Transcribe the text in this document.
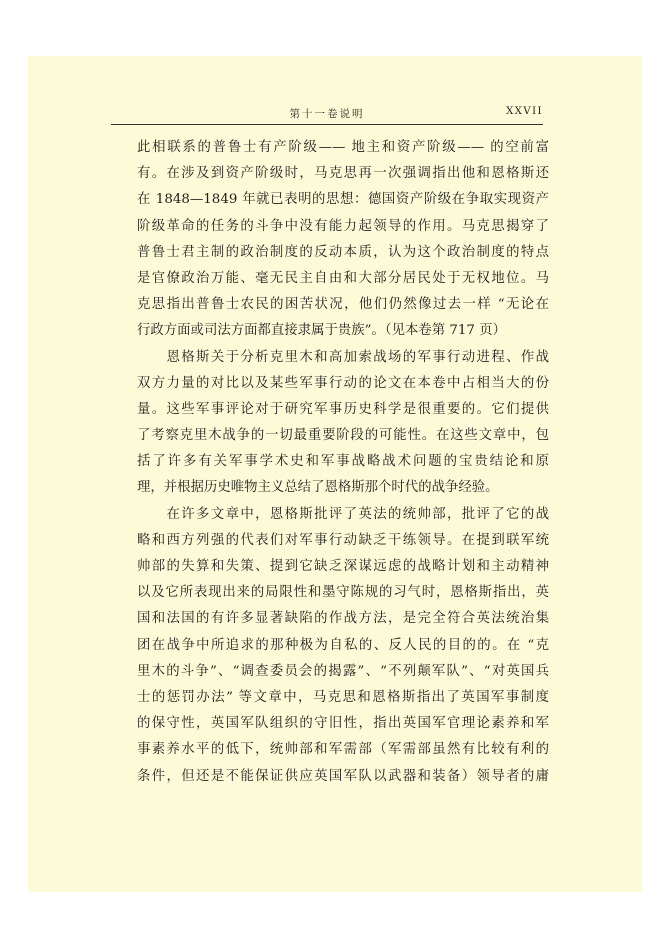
第十一卷说明	XXVII
此相联系的普鲁士有产阶级—— 地主和资产阶级—— 的空前富
有。在涉及到资产阶级时，马克思再一次强调指出他和恩格斯还
在 1848—1849 年就已表明的思想：德国资产阶级在争取实现资产
阶级革命的任务的斗争中没有能力起领导的作用。马克思揭穿了
普鲁士君主制的政治制度的反动本质，认为这个政治制度的特点
是官僚政治万能、毫无民主自由和大部分居民处于无权地位。马
克思指出普鲁士农民的困苦状况，他们仍然像过去一样 “无论在
行政方面或司法方面都直接隶属于贵族”。（见本卷第 717 页）
　　恩格斯关于分析克里木和高加索战场的军事行动进程、作战
双方力量的对比以及某些军事行动的论文在本卷中占相当大的份
量。这些军事评论对于研究军事历史科学是很重要的。它们提供
了考察克里木战争的一切最重要阶段的可能性。在这些文章中，包
括了许多有关军事学术史和军事战略战术问题的宝贵结论和原
理，并根据历史唯物主义总结了恩格斯那个时代的战争经验。
　　在许多文章中，恩格斯批评了英法的统帅部，批评了它的战
略和西方列强的代表们对军事行动缺乏干练领导。在提到联军统
帅部的失算和失策、提到它缺乏深谋远虑的战略计划和主动精神
以及它所表现出来的局限性和墨守陈规的习气时，恩格斯指出，英
国和法国的有许多显著缺陷的作战方法，是完全符合英法统治集
团在战争中所追求的那种极为自私的、反人民的目的的。在 “克
里木的斗争”、“调查委员会的揭露”、“不列颠军队”、“对英国兵
士的惩罚办法” 等文章中，马克思和恩格斯指出了英国军事制度
的保守性，英国军队组织的守旧性，指出英国军官理论素养和军
事素养水平的低下，统帅部和军需部（军需部虽然有比较有利的
条件，但还是不能保证供应英国军队以武器和装备）领导者的庸
